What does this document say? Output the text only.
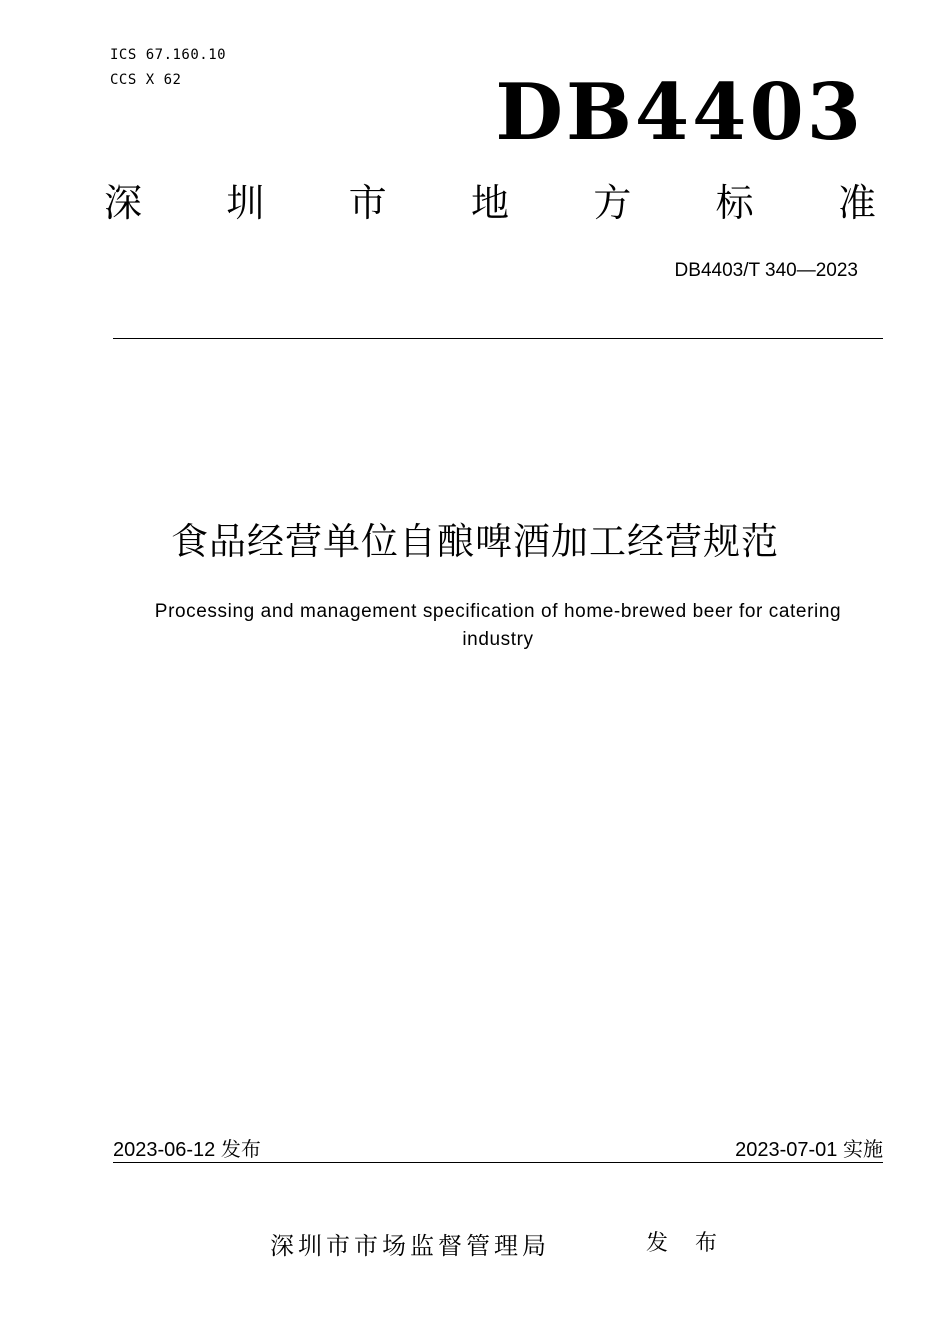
ICS 67.160.10
CCS X 62	DB4403
深 圳 市 地 方 标 准
DB4403/T 340—2023
食品经营单位自酿啤酒加工经营规范
Processing and management specification of home-brewed beer for catering
industry
2023-06-12 发布	2023-07-01 实施
深圳市市场监督管理局	发 布
